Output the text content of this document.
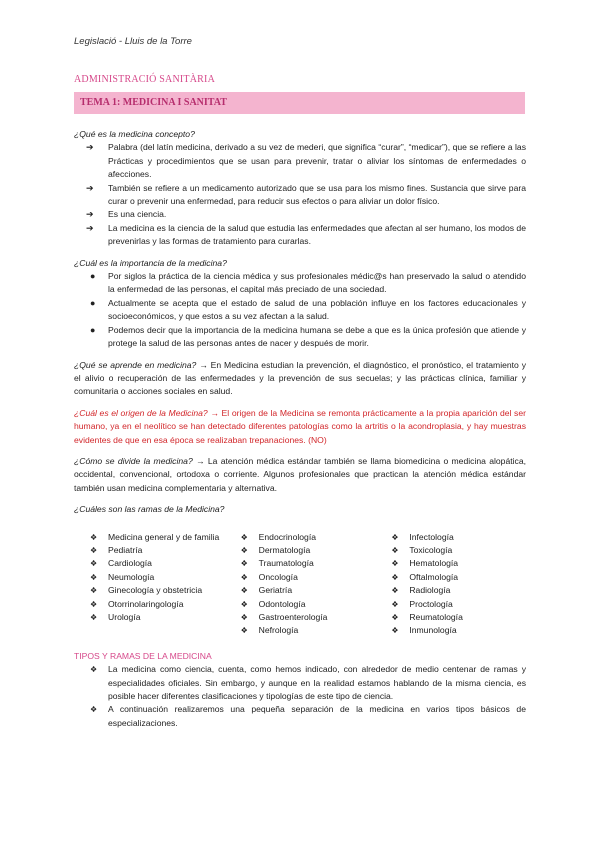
Legislació - Lluis de la Torre
ADMINISTRACIÓ SANITÀRIA
TEMA 1: MEDICINA I SANITAT

¿Qué es la medicina concepto?

➔ Palabra (del latín medicina, derivado a su vez de mederi, que significa “curar”, “medicar”), que se refiere a las Prácticas y procedimientos que se usan para prevenir, tratar o aliviar los síntomas de enfermedades o afecciones.
➔ También se refiere a un medicamento autorizado que se usa para los mismo fines. Sustancia que sirve para curar o prevenir una enfermedad, para reducir sus efectos o para aliviar un dolor físico.
➔ Es una ciencia.
➔ La medicina es la ciencia de la salud que estudia las enfermedades que afectan al ser humano, los modos de prevenirlas y las formas de tratamiento para curarlas.

¿Cuál es la importancia de la medicina?

● Por siglos la práctica de la ciencia médica y sus profesionales médic@s han preservado la salud o atendido la enfermedad de las personas, el capital más preciado de una sociedad.
● Actualmente se acepta que el estado de salud de una población influye en los factores educacionales y socioeconómicos, y que estos a su vez afectan a la salud.
● Podemos decir que la importancia de la medicina humana se debe a que es la única profesión que atiende y protege la salud de las personas antes de nacer y después de morir.

¿Qué se aprende en medicina? → En Medicina estudian la prevención, el diagnóstico, el pronóstico, el tratamiento y el alivio o recuperación de las enfermedades y la prevención de sus secuelas; y las prácticas clínica, familiar y comunitaria o acciones sociales en salud.

¿Cuál es el origen de la Medicina? → El origen de la Medicina se remonta prácticamente a la propia aparición del ser humano, ya en el neolítico se han detectado diferentes patologías como la artritis o la acondroplasia, y hay muestras evidentes de que en esa época se realizaban trepanaciones. (NO)

¿Cómo se divide la medicina? → La atención médica estándar también se llama biomedicina o medicina alopática, occidental, convencional, ortodoxa o corriente. Algunos profesionales que practican la atención médica estándar también usan medicina complementaria y alternativa.

¿Cuáles son las ramas de la Medicina?

❖ Medicina general y de familia
❖ Pediatría
❖ Cardiología
❖ Neumología
❖ Ginecología y obstetricia
❖ Otorrinolaringología
❖ Urología
❖ Endocrinología
❖ Dermatología
❖ Traumatología
❖ Oncología
❖ Geriatría
❖ Odontología
❖ Gastroenterología
❖ Nefrología
❖ Infectología
❖ Toxicología
❖ Hematología
❖ Oftalmología
❖ Radiología
❖ Proctología
❖ Reumatología
❖ Inmunología
TIPOS Y RAMAS DE LA MEDICINA
❖ La medicina como ciencia, cuenta, como hemos indicado, con alrededor de medio centenar de ramas y especialidades oficiales. Sin embargo, y aunque en la realidad estamos hablando de la misma ciencia, es posible hacer diferentes clasificaciones y tipologías de este tipo de ciencia.
❖ A continuación realizaremos una pequeña separación de la medicina en varios tipos básicos de especializaciones.
